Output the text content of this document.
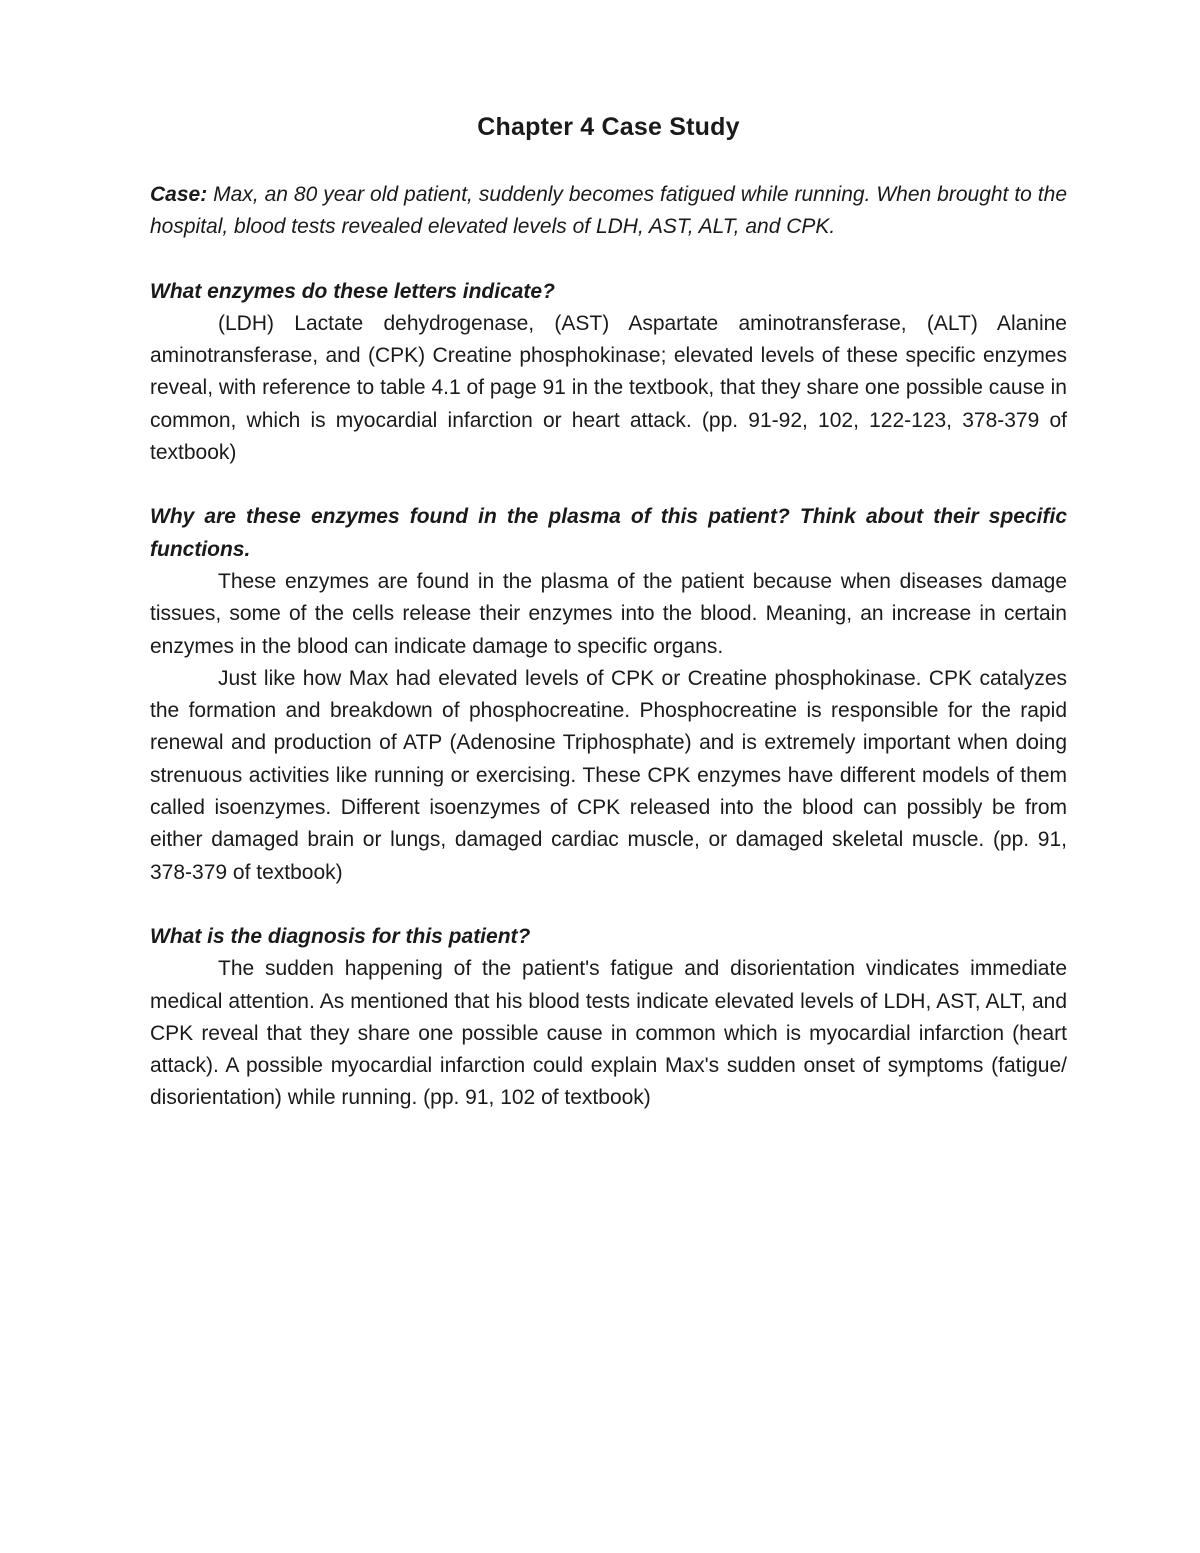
Chapter 4 Case Study

Case: Max, an 80 year old patient, suddenly becomes fatigued while running. When brought to the hospital, blood tests revealed elevated levels of LDH, AST, ALT, and CPK.

What enzymes do these letters indicate?

(LDH) Lactate dehydrogenase, (AST) Aspartate aminotransferase, (ALT) Alanine aminotransferase, and (CPK) Creatine phosphokinase; elevated levels of these specific enzymes reveal, with reference to table 4.1 of page 91 in the textbook, that they share one possible cause in common, which is myocardial infarction or heart attack. (pp. 91-92, 102, 122-123, 378-379 of textbook)

Why are these enzymes found in the plasma of this patient? Think about their specific functions.

These enzymes are found in the plasma of the patient because when diseases damage tissues, some of the cells release their enzymes into the blood. Meaning, an increase in certain enzymes in the blood can indicate damage to specific organs.

Just like how Max had elevated levels of CPK or Creatine phosphokinase. CPK catalyzes the formation and breakdown of phosphocreatine. Phosphocreatine is responsible for the rapid renewal and production of ATP (Adenosine Triphosphate) and is extremely important when doing strenuous activities like running or exercising. These CPK enzymes have different models of them called isoenzymes. Different isoenzymes of CPK released into the blood can possibly be from either damaged brain or lungs, damaged cardiac muscle, or damaged skeletal muscle. (pp. 91, 378-379 of textbook)

What is the diagnosis for this patient?

The sudden happening of the patient's fatigue and disorientation vindicates immediate medical attention. As mentioned that his blood tests indicate elevated levels of LDH, AST, ALT, and CPK reveal that they share one possible cause in common which is myocardial infarction (heart attack). A possible myocardial infarction could explain Max's sudden onset of symptoms (fatigue/ disorientation) while running. (pp. 91, 102 of textbook)
